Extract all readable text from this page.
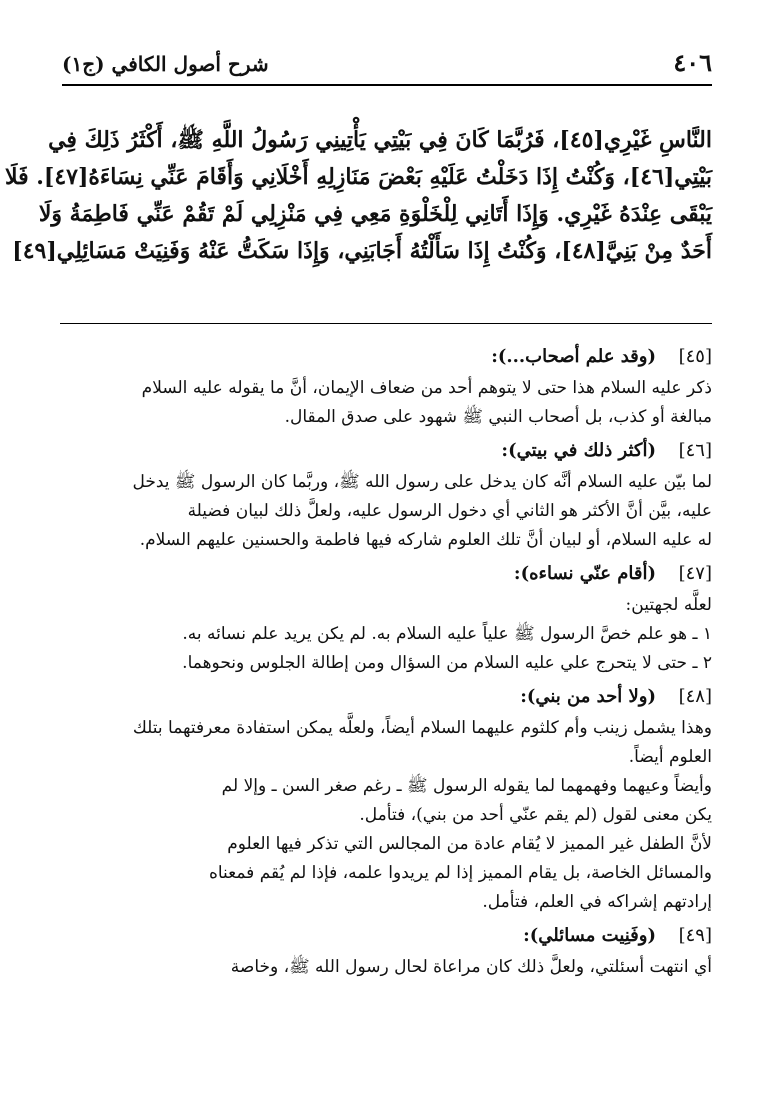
٤٠٦
شرح أصول الكافي (ج١)
النَّاسِ غَيْرِي[٤٥]، فَرُبَّمَا كَانَ فِي بَيْتِي يَأْتِينِي رَسُولُ اللَّهِ ﷺ، أَكْثَرُ ذَلِكَ فِي
بَيْتِي[٤٦]، وَكُنْتُ إِذَا دَخَلْتُ عَلَيْهِ بَعْضَ مَنَازِلِهِ أَخْلَانِي وَأَقَامَ عَنِّي نِسَاءَهُ[٤٧]. فَلَا
يَبْقَى عِنْدَهُ غَيْرِي. وَإِذَا أَتَانِي لِلْخَلْوَةِ مَعِي فِي مَنْزِلِي لَمْ تَقُمْ عَنِّي فَاطِمَةُ وَلَا
أَحَدٌ مِنْ بَنِيَّ[٤٨]، وَكُنْتُ إِذَا سَأَلْتُهُ أَجَابَنِي، وَإِذَا سَكَتُّ عَنْهُ وَفَنِيَتْ مَسَائِلِي[٤٩]
[٤٥](وقد علم أصحاب...):
ذكر عليه السلام هذا حتى لا يتوهم أحد من ضعاف الإيمان، أنَّ ما يقوله عليه السلام
مبالغة أو كذب، بل أصحاب النبي ﷺ شهود على صدق المقال.
[٤٦](أكثر ذلك في بيتي):
لما بيّن عليه السلام أنَّه كان يدخل على رسول الله ﷺ، وربَّما كان الرسول ﷺ يدخل
عليه، بيَّن أنَّ الأكثر هو الثاني أي دخول الرسول عليه، ولعلَّ ذلك لبيان فضيلة
له عليه السلام، أو لبيان أنَّ تلك العلوم شاركه فيها فاطمة والحسنين عليهم السلام.
[٤٧](أقام عنّي نساءه):
لعلَّه لجهتين:
١ ـ هو علم خصَّ الرسول ﷺ علياً عليه السلام به. لم يكن يريد علم نسائه به.
٢ ـ حتى لا يتحرج علي عليه السلام من السؤال ومن إطالة الجلوس ونحوهما.
[٤٨](ولا أحد من بني):
وهذا يشمل زينب وأم كلثوم عليهما السلام أيضاً، ولعلَّه يمكن استفادة معرفتهما بتلك
العلوم أيضاً.
وأيضاً وعيهما وفهمهما لما يقوله الرسول ﷺ ـ رغم صغر السن ـ وإلا لم
يكن معنى لقول (لم يقم عنّي أحد من بني)، فتأمل.
لأنَّ الطفل غير المميز لا يُقام عادة من المجالس التي تذكر فيها العلوم
والمسائل الخاصة، بل يقام المميز إذا لم يريدوا علمه، فإذا لم يُقم فمعناه
إرادتهم إشراكه في العلم، فتأمل.
[٤٩](وفَنِيت مسائلي):
أي انتهت أسئلتي، ولعلَّ ذلك كان مراعاة لحال رسول الله ﷺ، وخاصة
